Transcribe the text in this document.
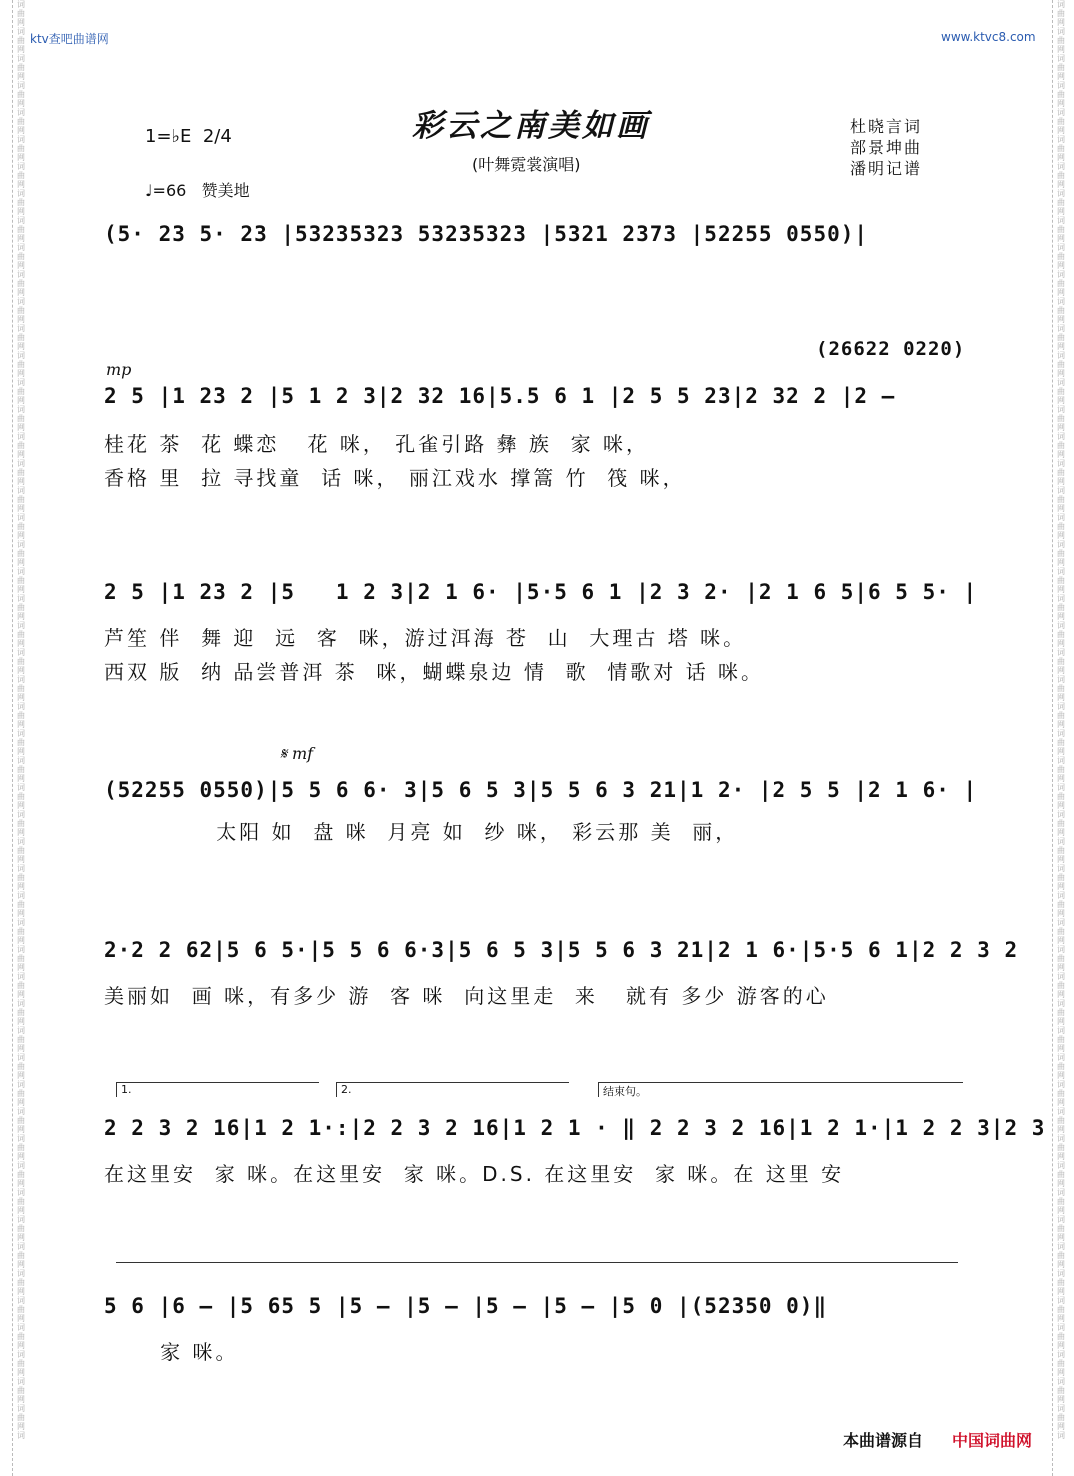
词
曲
网
词
曲
网
词
曲
网
词
曲
网
词
曲
网
词
曲
网
词
曲
网
词
曲
网
词
曲
网
词
曲
网
词
曲
网
词
曲
网
词
曲
网
词
曲
网
词
曲
网
词
曲
网
词
曲
网
词
曲
网
词
曲
网
词
曲
网
词
曲
网
词
曲
网
词
曲
网
词
曲
网
词
曲
网
词
曲
网
词
曲
网
词
曲
网
词
曲
网
词
曲
网
词
曲
网
词
曲
网
词
曲
网
词
曲
网
词
曲
网
词
曲
网
词
曲
网
词
曲
网
词
曲
网
词
曲
网
词
曲
网
词
曲
网
词
曲
网
词
曲
网
词
曲
网
词
曲
网
词
曲
网
词
曲
网
词
曲
网
词
曲
网
词
曲
网
词
曲
网
词
曲
网
词
词
曲
网
词
曲
网
词
曲
网
词
曲
网
词
曲
网
词
曲
网
词
曲
网
词
曲
网
词
曲
网
词
曲
网
词
曲
网
词
曲
网
词
曲
网
词
曲
网
词
曲
网
词
曲
网
词
曲
网
词
曲
网
词
曲
网
词
曲
网
词
曲
网
词
曲
网
词
曲
网
词
曲
网
词
曲
网
词
曲
网
词
曲
网
词
曲
网
词
曲
网
词
曲
网
词
曲
网
词
曲
网
词
曲
网
词
曲
网
词
曲
网
词
曲
网
词
曲
网
词
曲
网
词
曲
网
词
曲
网
词
曲
网
词
曲
网
词
曲
网
词
曲
网
词
曲
网
词
曲
网
词
曲
网
词
曲
网
词
曲
网
词
曲
网
词
曲
网
词
曲
网
词
曲
网
词
ktv查吧曲谱网	www.ktvc8.com
彩云之南美如画
(叶舞霓裳演唱)
杜晓言词
部景坤曲
潘明记谱
1=♭E  2/4
♩=66   赞美地
(5· 23 5· 23 |53235323 53235323 |5321 2373 |52255 0550)|
(26622 0220)
mp
2 5 |1 23 2 |5 1 2 3|2 32 16|5.5 6 1 |2 5 5 23|2 32 2 |2 –
桂花 茶  花 蝶恋   花 咪， 孔雀引路 彝 族  家 咪，
香格 里  拉 寻找童  话 咪， 丽江戏水 撑篙 竹  筏 咪，
2 5 |1 23 2 |5   1 2 3|2 1 6· |5·5 6 1 |2 3 2· |2 1 6 5|6 5 5· |
芦笙 伴  舞 迎  远  客  咪，游过洱海 苍  山  大理古 塔 咪。
西双 版  纳 品尝普洱 茶  咪，蝴蝶泉边 情  歌  情歌对 话 咪。
𝄋 mf
(52255 0550)|5 5 6 6· 3|5 6 5 3|5 5 6 3 21|1 2· |2 5 5 |2 1 6· |
太阳 如  盘 咪  月亮 如  纱 咪， 彩云那 美  丽，
2·2 2 62|5 6 5·|5 5 6 6·3|5 6 5 3|5 5 6 3 21|2 1 6·|5·5 6 1|2 2 3 2
美丽如  画 咪，有多少 游  客 咪  向这里走  来   就有 多少 游客的心
1.	2.	结束句。
2 2 3 2 16|1 2 1·:|2 2 3 2 16|1 2 1 · ‖ 2 2 3 2 16|1 2 1·|1 2 2 3|2 3
在这里安  家 咪。在这里安  家 咪。D.S. 在这里安  家 咪。在 这里 安
5 6 |6 – |5 65 5 |5 – |5 – |5 – |5 – |5 0 |(52350 0)‖
家 咪。
本曲谱源自 中国词曲网
